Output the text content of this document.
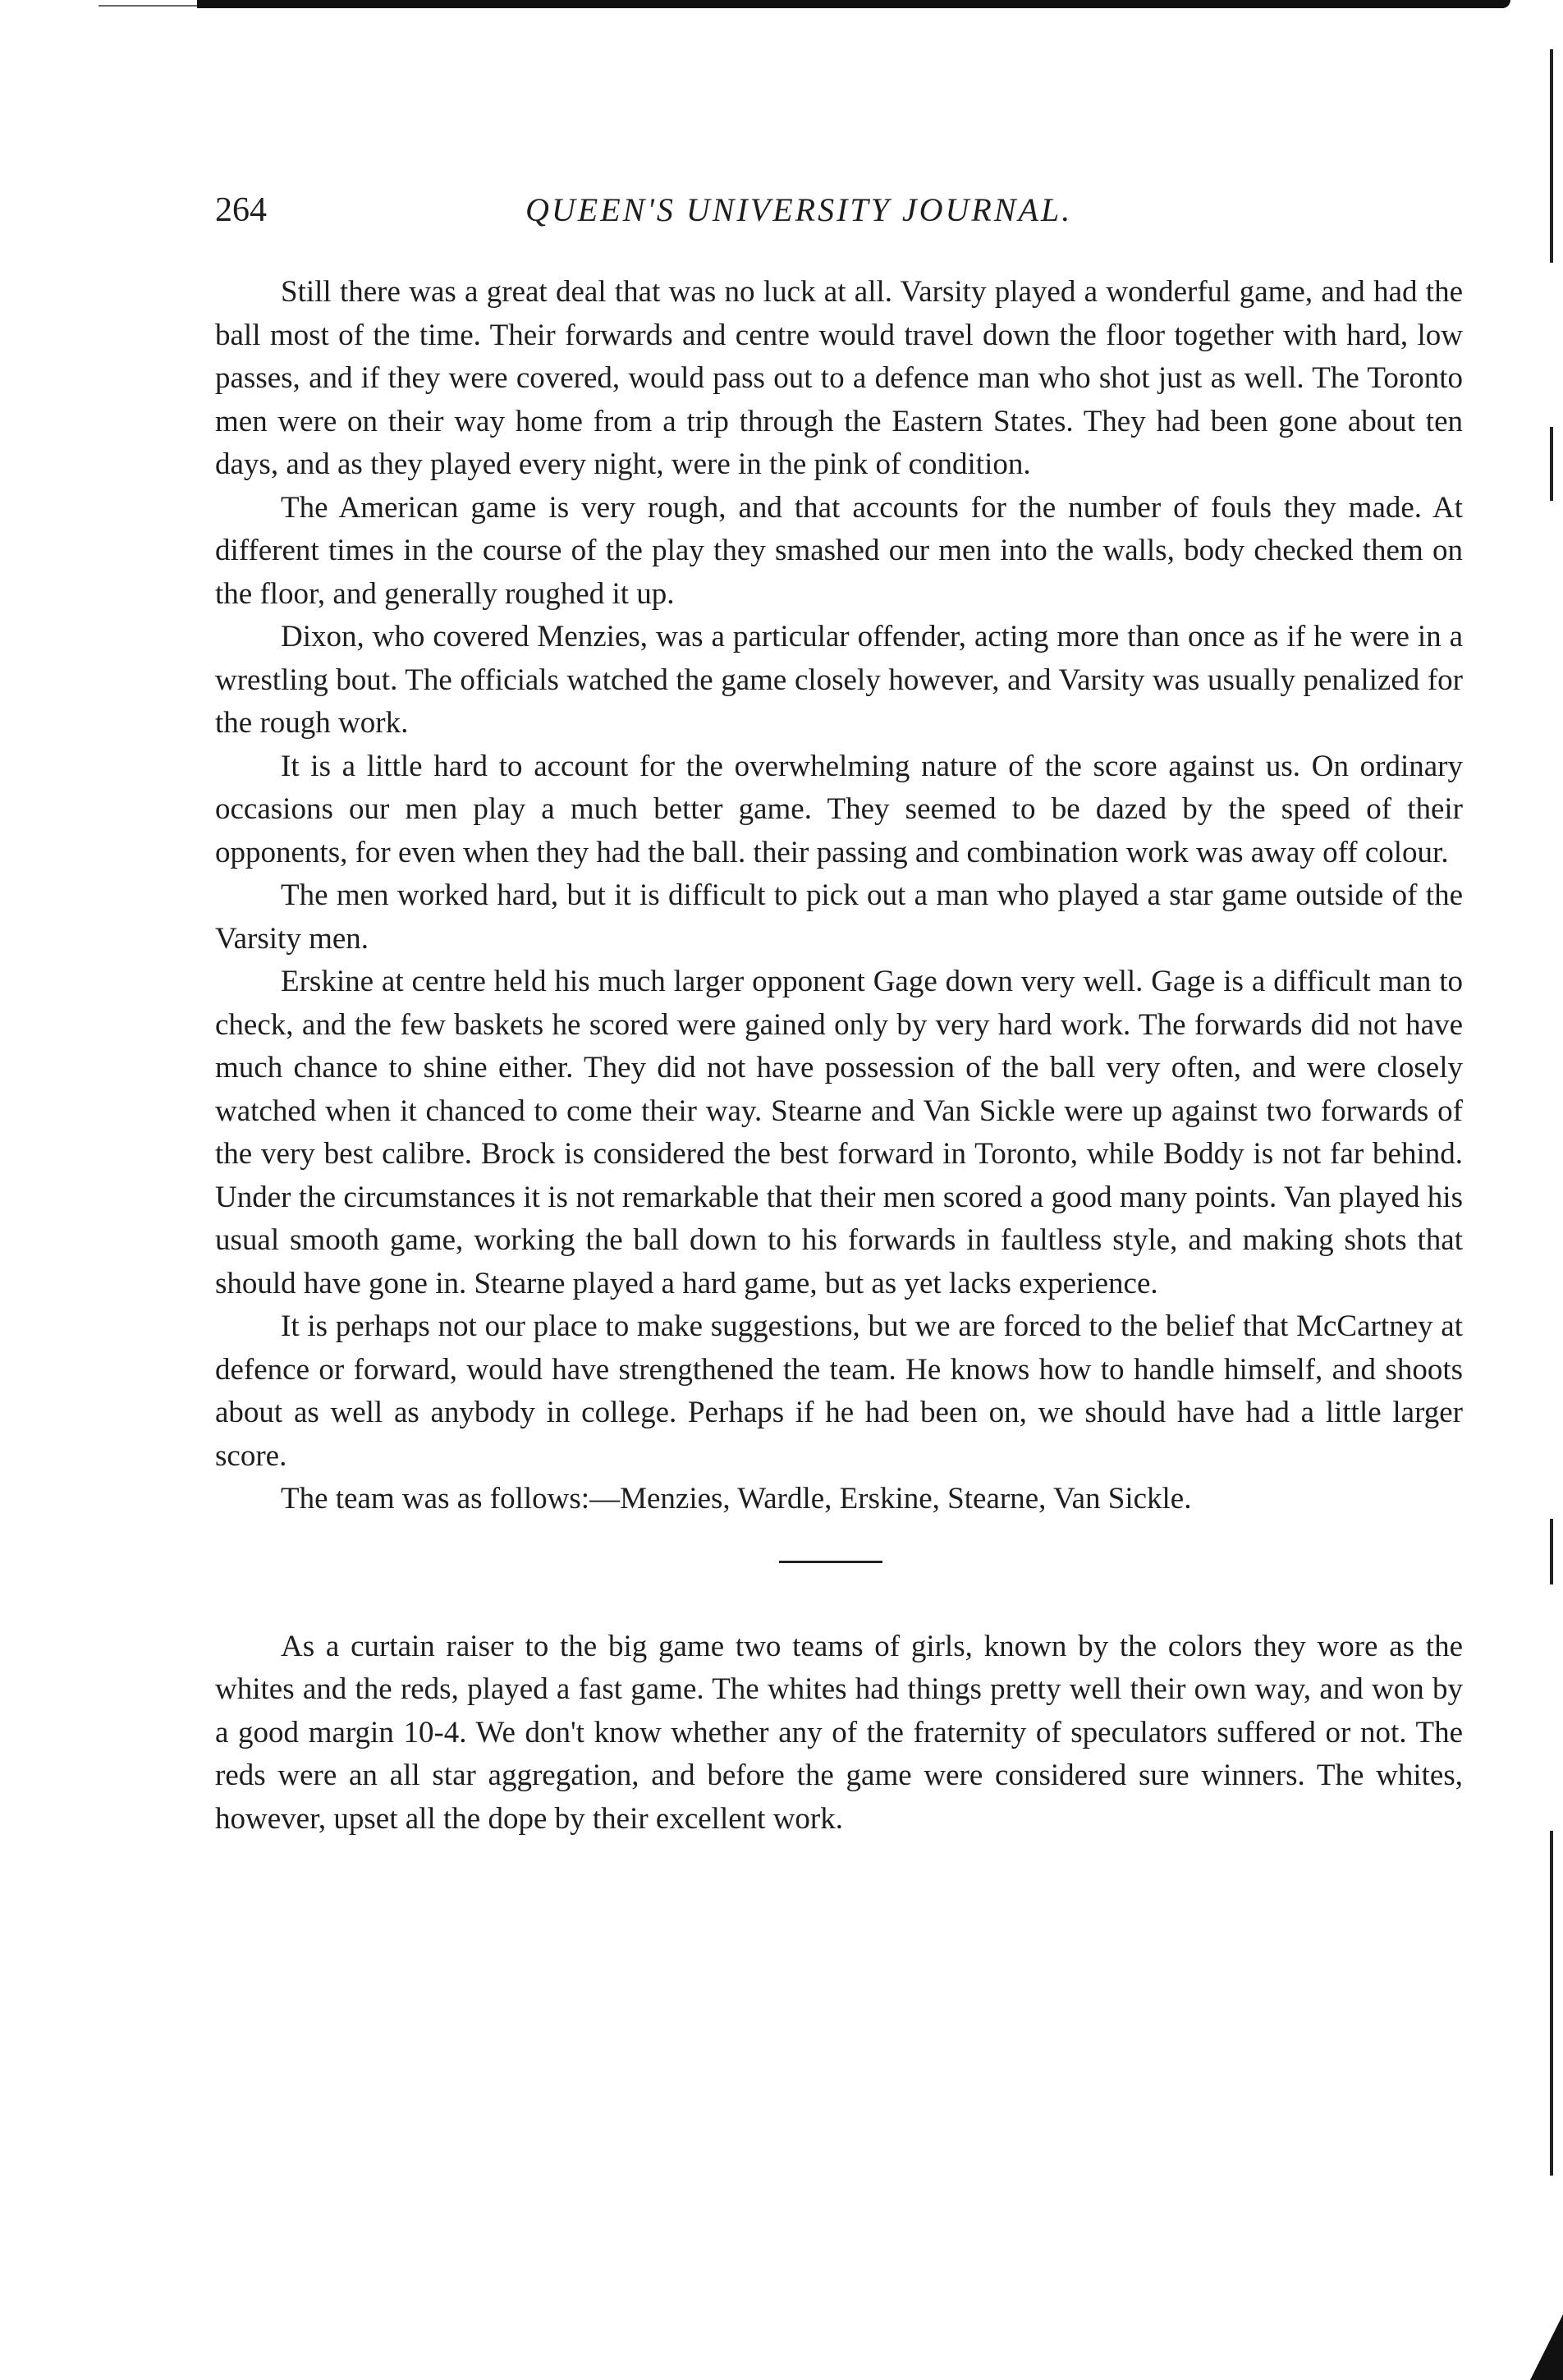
264	QUEEN'S UNIVERSITY JOURNAL.

Still there was a great deal that was no luck at all. Varsity played a wonderful game, and had the ball most of the time. Their forwards and centre would travel down the floor together with hard, low passes, and if they were covered, would pass out to a defence man who shot just as well. The Toronto men were on their way home from a trip through the Eastern States. They had been gone about ten days, and as they played every night, were in the pink of condition.

The American game is very rough, and that accounts for the number of fouls they made. At different times in the course of the play they smashed our men into the walls, body checked them on the floor, and generally roughed it up.

Dixon, who covered Menzies, was a particular offender, acting more than once as if he were in a wrestling bout. The officials watched the game closely however, and Varsity was usually penalized for the rough work.

It is a little hard to account for the overwhelming nature of the score against us. On ordinary occasions our men play a much better game. They seemed to be dazed by the speed of their opponents, for even when they had the ball. their passing and combination work was away off colour.

The men worked hard, but it is difficult to pick out a man who played a star game outside of the Varsity men.

Erskine at centre held his much larger opponent Gage down very well. Gage is a difficult man to check, and the few baskets he scored were gained only by very hard work. The forwards did not have much chance to shine either. They did not have possession of the ball very often, and were closely watched when it chanced to come their way. Stearne and Van Sickle were up against two forwards of the very best calibre. Brock is considered the best forward in Toronto, while Boddy is not far behind. Under the circumstances it is not remarkable that their men scored a good many points. Van played his usual smooth game, working the ball down to his forwards in faultless style, and making shots that should have gone in. Stearne played a hard game, but as yet lacks experience.

It is perhaps not our place to make suggestions, but we are forced to the belief that McCartney at defence or forward, would have strengthened the team. He knows how to handle himself, and shoots about as well as anybody in college. Perhaps if he had been on, we should have had a little larger score.

The team was as follows:—Menzies, Wardle, Erskine, Stearne, Van Sickle.

As a curtain raiser to the big game two teams of girls, known by the colors they wore as the whites and the reds, played a fast game. The whites had things pretty well their own way, and won by a good margin 10-4. We don't know whether any of the fraternity of speculators suffered or not. The reds were an all star aggregation, and before the game were considered sure winners. The whites, however, upset all the dope by their excellent work.
